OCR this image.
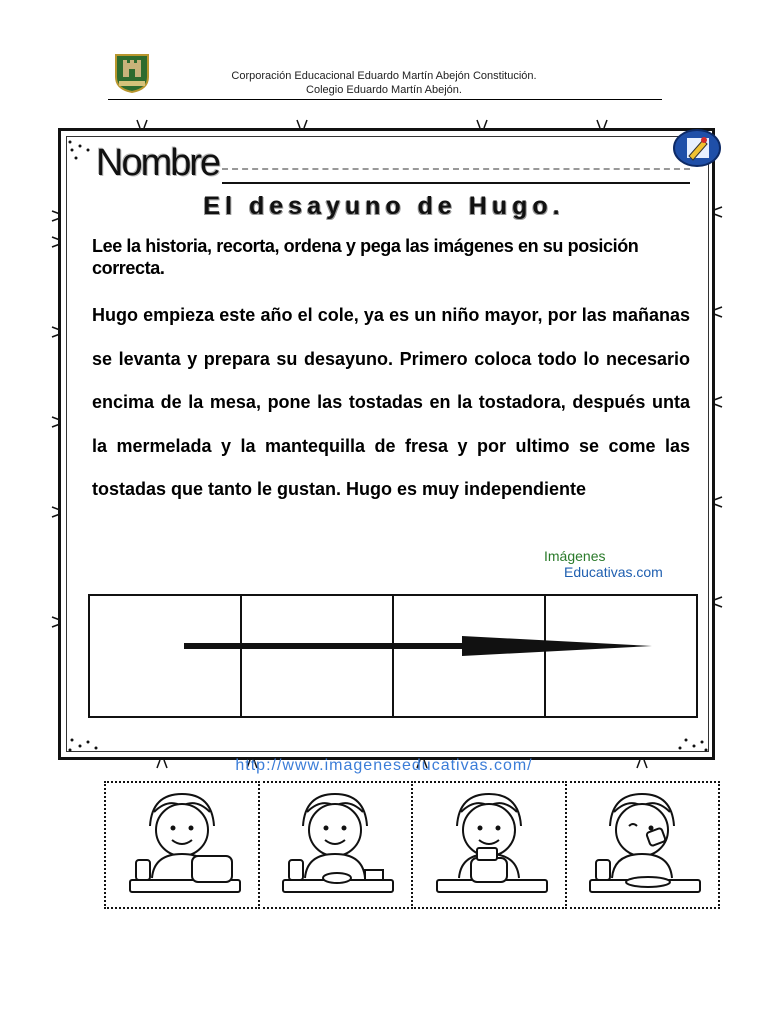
Corporación Educacional Eduardo Martín Abejón Constitución.
Colegio Eduardo Martín Abejón.
Nombre
El desayuno de Hugo.
Lee la historia, recorta, ordena y pega las imágenes en su posición correcta.
Hugo empieza este año el cole, ya es un niño mayor, por las mañanas se levanta y prepara su desayuno. Primero coloca todo lo necesario encima de la mesa, pone las tostadas en la tostadora, después unta la mermelada y la mantequilla de fresa y por ultimo se come las tostadas que tanto le gustan. Hugo es muy independiente
Imágenes
Educativas.com
http://www.imageneseducativas.com/
